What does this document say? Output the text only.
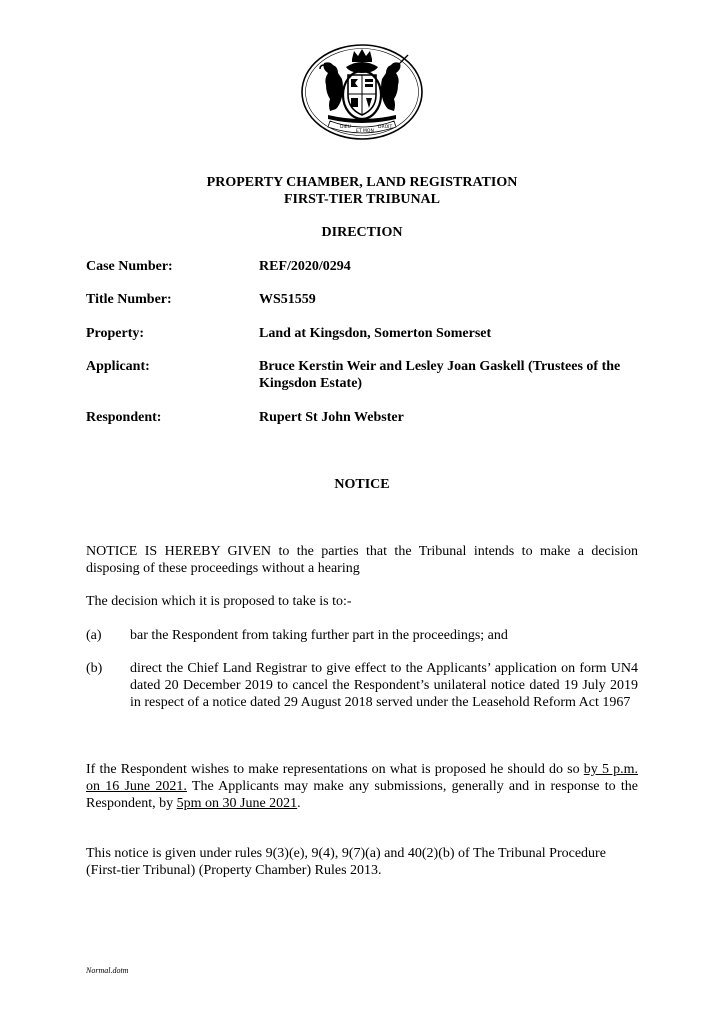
DIEU	DROIT
ET MON
PROPERTY CHAMBER, LAND REGISTRATION
FIRST-TIER TRIBUNAL
DIRECTION
Case Number:	REF/2020/0294
Title Number:	WS51559
Property:	Land at Kingsdon, Somerton Somerset
Applicant:	Bruce Kerstin Weir and Lesley Joan Gaskell (Trustees of the Kingsdon Estate)
Respondent:	Rupert St John Webster
NOTICE
NOTICE IS HEREBY GIVEN to the parties that the Tribunal intends to make a decision disposing of these proceedings without a hearing
The decision which it is proposed to take is to:-
(a) bar the Respondent from taking further part in the proceedings; and
(b) direct the Chief Land Registrar to give effect to the Applicants’ application on form UN4 dated 20 December 2019 to cancel the Respondent’s unilateral notice dated 19 July 2019 in respect of a notice dated 29 August 2018 served under the Leasehold Reform Act 1967
If the Respondent wishes to make representations on what is proposed he should do so by 5 p.m. on 16 June 2021. The Applicants may make any submissions, generally and in response to the Respondent, by 5pm on 30 June 2021.
This notice is given under rules 9(3)(e), 9(4), 9(7)(a) and 40(2)(b) of The Tribunal Procedure (First-tier Tribunal) (Property Chamber) Rules 2013.
Normal.dotm
